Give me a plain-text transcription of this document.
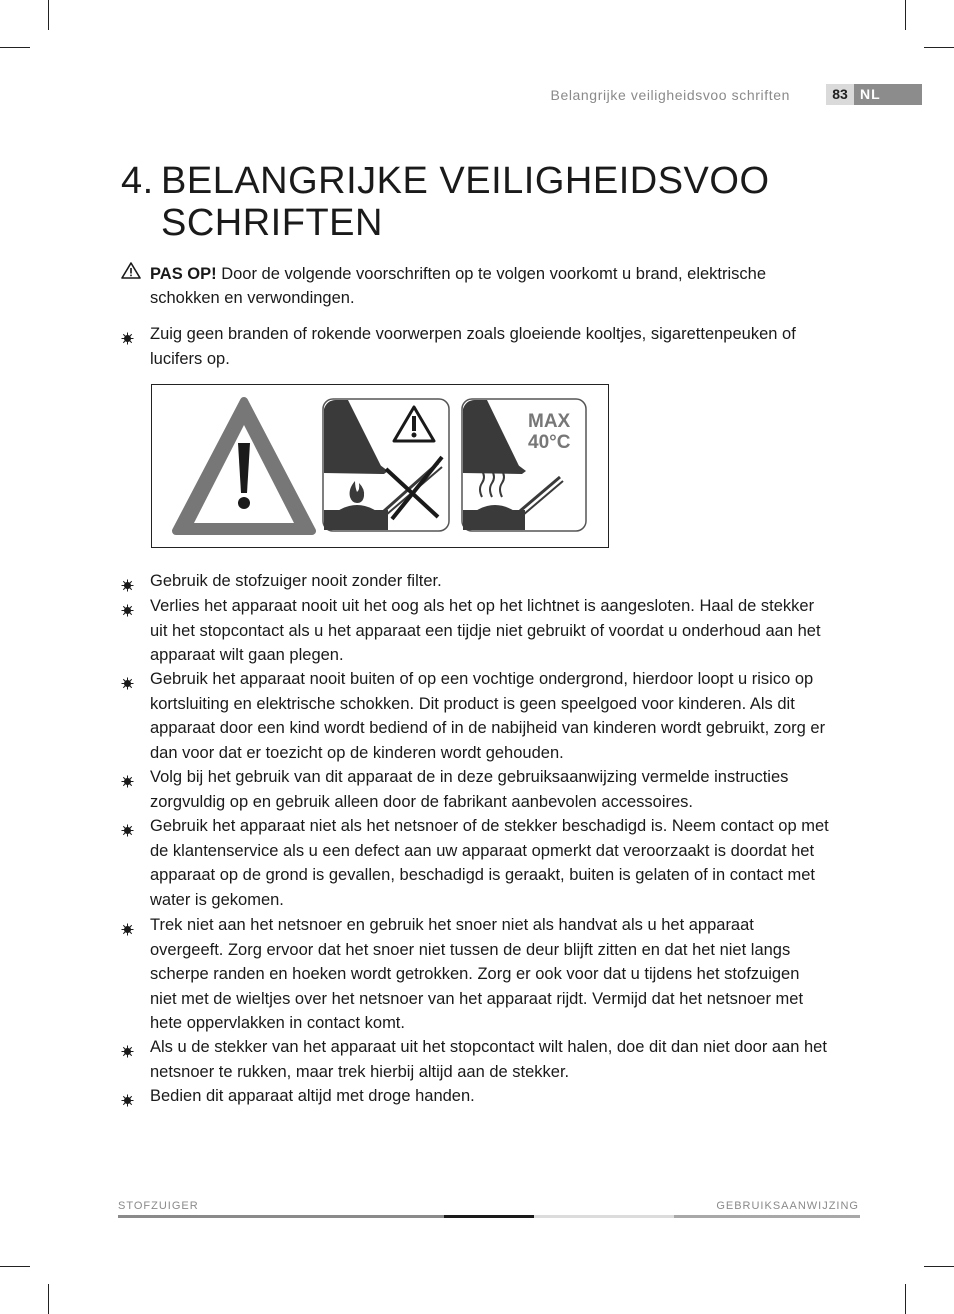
Belangrijke veiligheidsvoo schriften	83 NL
4. BELANGRIJKE VEILIGHEIDSVOO
SCHRIFTEN
PAS OP! Door de volgende voorschriften op te volgen voorkomt u brand, elektrische schokken en verwondingen.
Zuig geen branden of rokende voorwerpen zoals gloeiende kooltjes, sigarettenpeuken of lucifers op.
MAX
40°C
Gebruik de stofzuiger nooit zonder filter.
Verlies het apparaat nooit uit het oog als het op het lichtnet is aangesloten. Haal de stekker uit het stopcontact als u het apparaat een tijdje niet gebruikt of voordat u onderhoud aan het apparaat wilt gaan plegen.
Gebruik het apparaat nooit buiten of op een vochtige ondergrond, hierdoor loopt u risico op kortsluiting en elektrische schokken. Dit product is geen speelgoed voor kinderen. Als dit apparaat door een kind wordt bediend of in de nabijheid van kinderen wordt gebruikt, zorg er dan voor dat er toezicht op de kinderen wordt gehouden.
Volg bij het gebruik van dit apparaat de in deze gebruiksaanwijzing vermelde instructies zorgvuldig op en gebruik alleen door de fabrikant aanbevolen accessoires.
Gebruik het apparaat niet als het netsnoer of de stekker beschadigd is. Neem contact op met de klantenservice als u een defect aan uw apparaat opmerkt dat veroorzaakt is doordat het apparaat op de grond is gevallen, beschadigd is geraakt, buiten is gelaten of in contact met water is gekomen.
Trek niet aan het netsnoer en gebruik het snoer niet als handvat als u het apparaat overgeeft. Zorg ervoor dat het snoer niet tussen de deur blijft zitten en dat het niet langs scherpe randen en hoeken wordt getrokken. Zorg er ook voor dat u tijdens het stofzuigen niet met de wieltjes over het netsnoer van het apparaat rijdt. Vermijd dat het netsnoer met hete oppervlakken in contact komt.
Als u de stekker van het apparaat uit het stopcontact wilt halen, doe dit dan niet door aan het netsnoer te rukken, maar trek hierbij altijd aan de stekker.
Bedien dit apparaat altijd met droge handen.
STOFZUIGER	GEBRUIKSAANWIJZING
